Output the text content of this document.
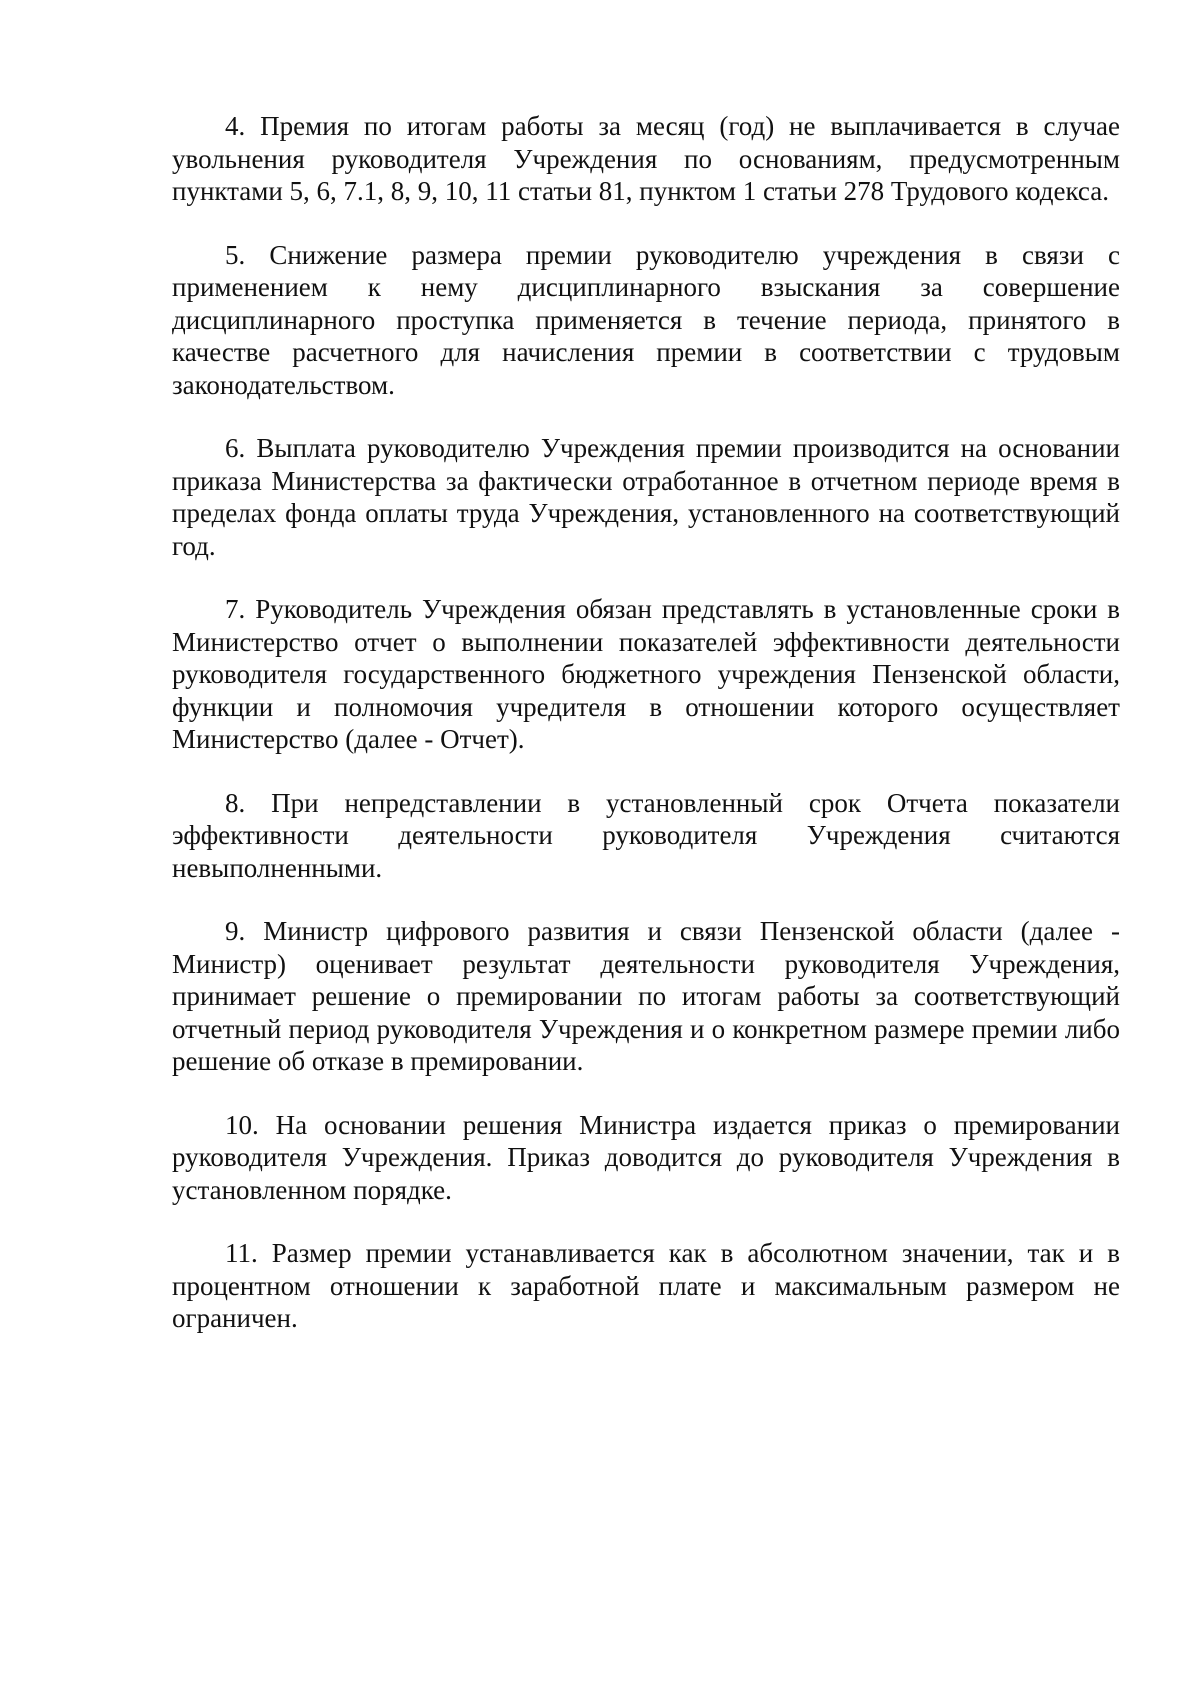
4. Премия по итогам работы за месяц (год) не выплачивается в случае увольнения руководителя Учреждения по основаниям, предусмотренным пунктами 5, 6, 7.1, 8, 9, 10, 11 статьи 81, пунктом 1 статьи 278 Трудового кодекса.

5. Снижение размера премии руководителю учреждения в связи с применением к нему дисциплинарного взыскания за совершение дисциплинарного проступка применяется в течение периода, принятого в качестве расчетного для начисления премии в соответствии с трудовым законодательством.

6. Выплата руководителю Учреждения премии производится на основании приказа Министерства за фактически отработанное в отчетном периоде время в пределах фонда оплаты труда Учреждения, установленного на соответствующий год.

7. Руководитель Учреждения обязан представлять в установленные сроки в Министерство отчет о выполнении показателей эффективности деятельности руководителя государственного бюджетного учреждения Пензенской области, функции и полномочия учредителя в отношении которого осуществляет Министерство (далее - Отчет).

8. При непредставлении в установленный срок Отчета показатели эффективности деятельности руководителя Учреждения считаются невыполненными.

9. Министр цифрового развития и связи Пензенской области (далее - Министр) оценивает результат деятельности руководителя Учреждения, принимает решение о премировании по итогам работы за соответствующий отчетный период руководителя Учреждения и о конкретном размере премии либо решение об отказе в премировании.

10. На основании решения Министра издается приказ о премировании руководителя Учреждения. Приказ доводится до руководителя Учреждения в установленном порядке.

11. Размер премии устанавливается как в абсолютном значении, так и в процентном отношении к заработной плате и максимальным размером не ограничен.
